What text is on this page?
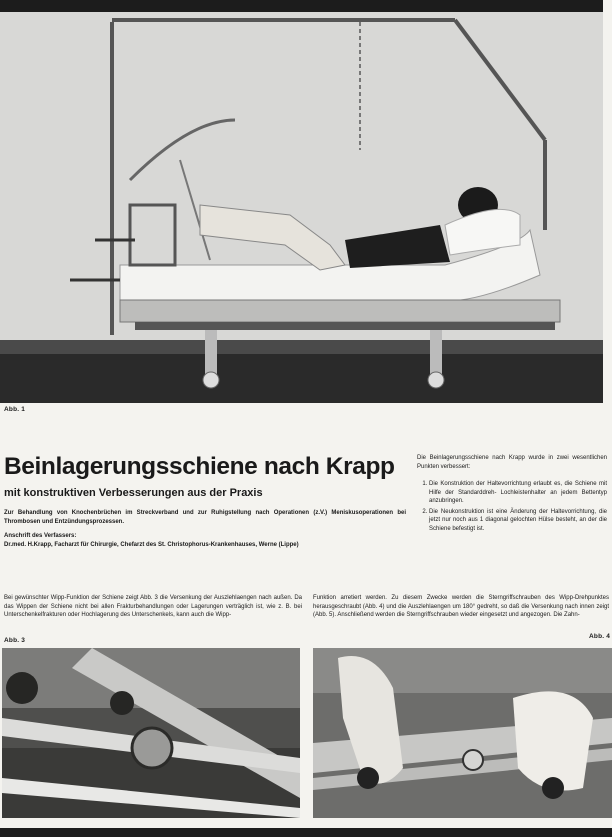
Abb. 1
Beinlagerungsschiene nach Krapp
mit konstruktiven Verbesserungen aus der Praxis
Zur Behandlung von Knochenbrüchen im Streckverband und zur Ruhigstellung nach Operationen (z.V.) Meniskusoperationen bei Thrombosen und Entzündungsprozessen.
Anschrift des Verfassers:
Dr.med. H.Krapp, Facharzt für Chirurgie, Chefarzt des St. Christophorus-Krankenhauses, Werne (Lippe)
Die Beinlagerungsschiene nach Krapp wurde in zwei wesentlichen Punkten verbessert:
1. Die Konstruktion der Haltevorrichtung erlaubt es, die Schiene mit Hilfe der Standarddreh- Lochleistenhalter an jedem Bettentyp anzubringen.
2. Die Neukonstruktion ist eine Änderung der Haltevorrichtung, die jetzt nur noch aus 1 diagonal gelochten Hülse besteht, an der die Schiene befestigt ist.
Bei gewünschter Wipp-Funktion der Schiene zeigt Abb. 3 die Versenkung der Auszlehlaengen nach außen. Da das Wippen der Schiene nicht bei allen Frakturbehandlungen oder Lagerungen verträglich ist, wie z. B. bei Unterschenkelfrakturen oder Hochlagerung des Unterschenkels, kann auch die Wipp-
Funktion arretiert werden. Zu diesem Zwecke werden die Sterngriffschrauben des Wipp-Drehpunktes herausgeschraubt (Abb. 4) und die Auszlehlaengen um 180° gedreht, so daß die Versenkung nach innen zeigt (Abb. 5). Anschließend werden die Sterngriffschrauben wieder eingesetzt und angezogen. Die Zahn-
Abb. 3
Abb. 4
